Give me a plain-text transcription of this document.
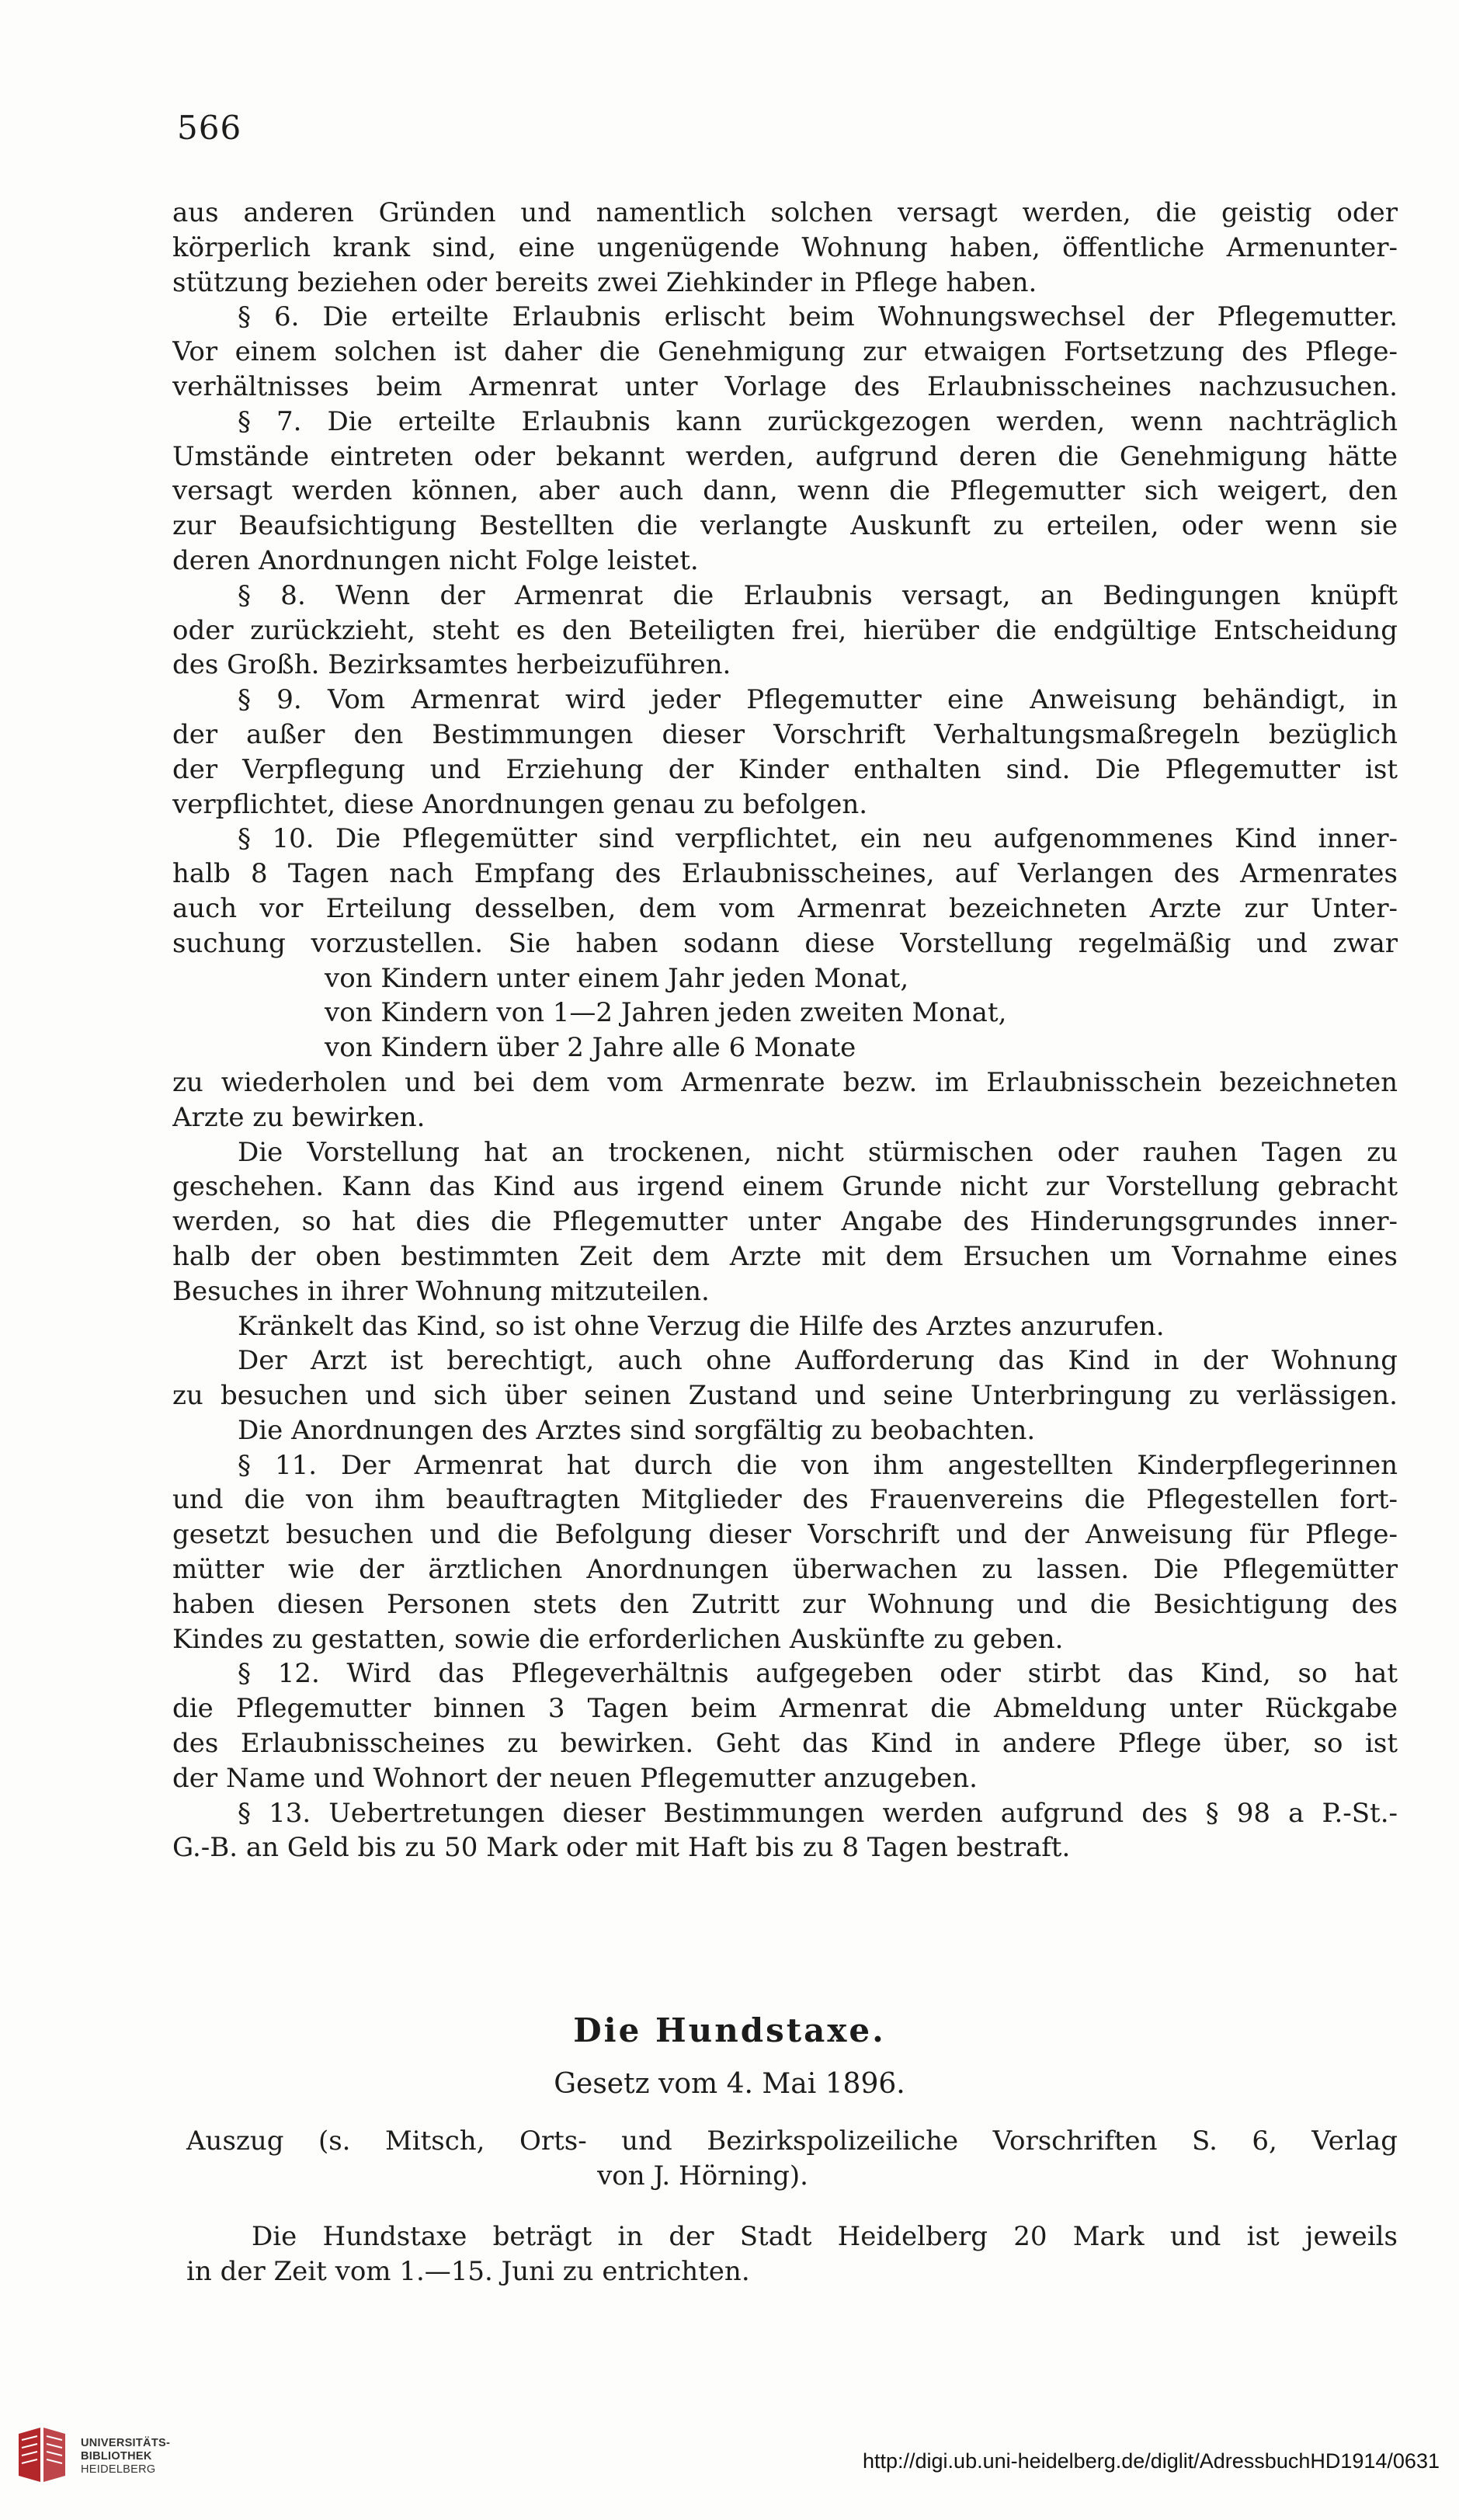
566
aus anderen Gründen und namentlich solchen versagt werden, die geistig oder
körperlich krank sind, eine ungenügende Wohnung haben, öffentliche Armenunter-
stützung beziehen oder bereits zwei Ziehkinder in Pflege haben.
§ 6. Die erteilte Erlaubnis erlischt beim Wohnungswechsel der Pflegemutter.
Vor einem solchen ist daher die Genehmigung zur etwaigen Fortsetzung des Pflege-
verhältnisses beim Armenrat unter Vorlage des Erlaubnisscheines nachzusuchen.
§ 7. Die erteilte Erlaubnis kann zurückgezogen werden, wenn nachträglich
Umstände eintreten oder bekannt werden, aufgrund deren die Genehmigung hätte
versagt werden können, aber auch dann, wenn die Pflegemutter sich weigert, den
zur Beaufsichtigung Bestellten die verlangte Auskunft zu erteilen, oder wenn sie
deren Anordnungen nicht Folge leistet.
§ 8. Wenn der Armenrat die Erlaubnis versagt, an Bedingungen knüpft
oder zurückzieht, steht es den Beteiligten frei, hierüber die endgültige Entscheidung
des Großh. Bezirksamtes herbeizuführen.
§ 9. Vom Armenrat wird jeder Pflegemutter eine Anweisung behändigt, in
der außer den Bestimmungen dieser Vorschrift Verhaltungsmaßregeln bezüglich
der Verpflegung und Erziehung der Kinder enthalten sind. Die Pflegemutter ist
verpflichtet, diese Anordnungen genau zu befolgen.
§ 10. Die Pflegemütter sind verpflichtet, ein neu aufgenommenes Kind inner-
halb 8 Tagen nach Empfang des Erlaubnisscheines, auf Verlangen des Armenrates
auch vor Erteilung desselben, dem vom Armenrat bezeichneten Arzte zur Unter-
suchung vorzustellen. Sie haben sodann diese Vorstellung regelmäßig und zwar
von Kindern unter einem Jahr jeden Monat,
von Kindern von 1—2 Jahren jeden zweiten Monat,
von Kindern über 2 Jahre alle 6 Monate
zu wiederholen und bei dem vom Armenrate bezw. im Erlaubnisschein bezeichneten
Arzte zu bewirken.
Die Vorstellung hat an trockenen, nicht stürmischen oder rauhen Tagen zu
geschehen. Kann das Kind aus irgend einem Grunde nicht zur Vorstellung gebracht
werden, so hat dies die Pflegemutter unter Angabe des Hinderungsgrundes inner-
halb der oben bestimmten Zeit dem Arzte mit dem Ersuchen um Vornahme eines
Besuches in ihrer Wohnung mitzuteilen.
Kränkelt das Kind, so ist ohne Verzug die Hilfe des Arztes anzurufen.
Der Arzt ist berechtigt, auch ohne Aufforderung das Kind in der Wohnung
zu besuchen und sich über seinen Zustand und seine Unterbringung zu verlässigen.
Die Anordnungen des Arztes sind sorgfältig zu beobachten.
§ 11. Der Armenrat hat durch die von ihm angestellten Kinderpflegerinnen
und die von ihm beauftragten Mitglieder des Frauenvereins die Pflegestellen fort-
gesetzt besuchen und die Befolgung dieser Vorschrift und der Anweisung für Pflege-
mütter wie der ärztlichen Anordnungen überwachen zu lassen. Die Pflegemütter
haben diesen Personen stets den Zutritt zur Wohnung und die Besichtigung des
Kindes zu gestatten, sowie die erforderlichen Auskünfte zu geben.
§ 12. Wird das Pflegeverhältnis aufgegeben oder stirbt das Kind, so hat
die Pflegemutter binnen 3 Tagen beim Armenrat die Abmeldung unter Rückgabe
des Erlaubnisscheines zu bewirken. Geht das Kind in andere Pflege über, so ist
der Name und Wohnort der neuen Pflegemutter anzugeben.
§ 13. Uebertretungen dieser Bestimmungen werden aufgrund des § 98 a P.-St.-
G.-B. an Geld bis zu 50 Mark oder mit Haft bis zu 8 Tagen bestraft.
Die Hundstaxe.
Gesetz vom 4. Mai 1896.
Auszug (s. Mitsch, Orts- und Bezirkspolizeiliche Vorschriften S. 6, Verlag
von J. Hörning).
Die Hundstaxe beträgt in der Stadt Heidelberg 20 Mark und ist jeweils
in der Zeit vom 1.—15. Juni zu entrichten.
UNIVERSITÄTS-
BIBLIOTHEK
HEIDELBERG	http://digi.ub.uni-heidelberg.de/diglit/AdressbuchHD1914/0631
